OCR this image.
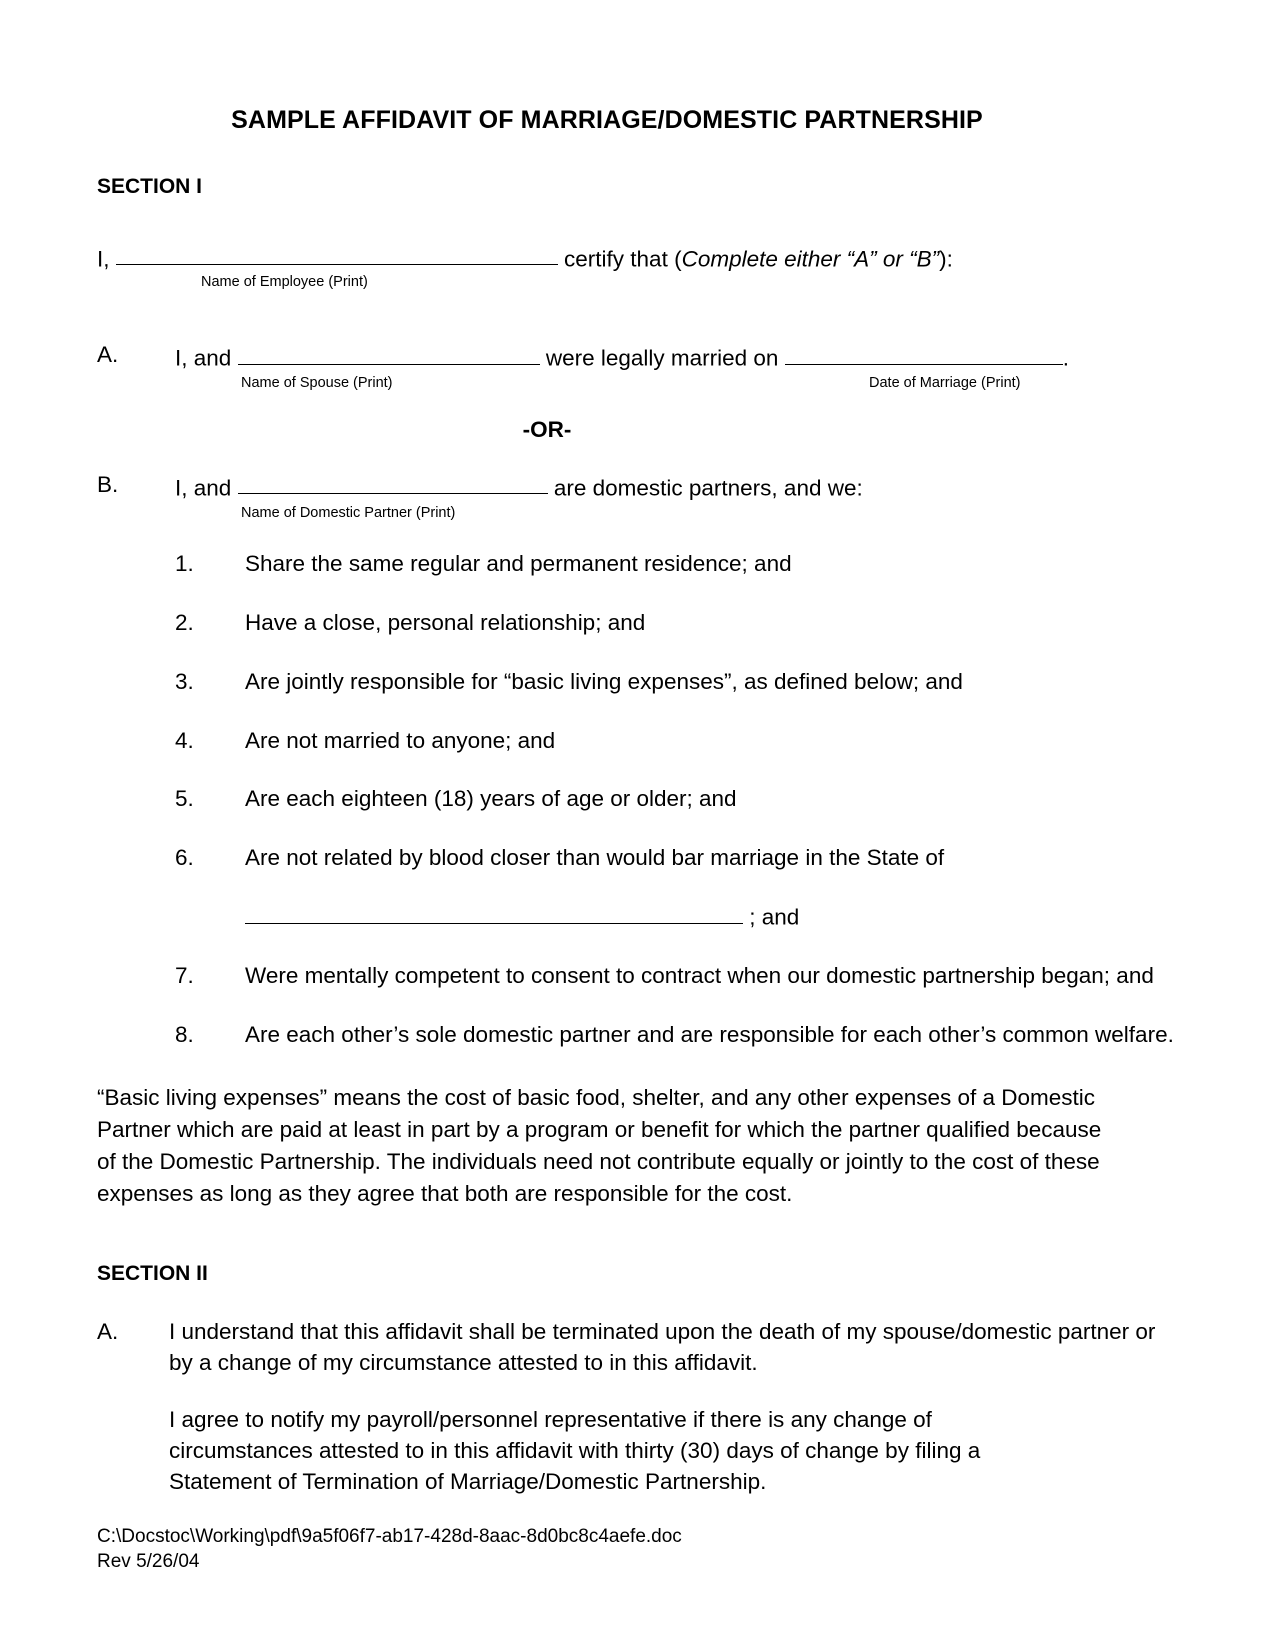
SAMPLE AFFIDAVIT OF MARRIAGE/DOMESTIC PARTNERSHIP
SECTION I
I,	certify that (Complete either “A” or “B”):
Name of Employee (Print)
A.	I, and	were legally married on	.
Name of Spouse (Print)	Date of Marriage (Print)
-OR-
B.	I, and	are domestic partners, and we:
Name of Domestic Partner (Print)
1. Share the same regular and permanent residence; and
2. Have a close, personal relationship; and
3. Are jointly responsible for “basic living expenses”, as defined below; and
4. Are not married to anyone; and
5. Are each eighteen (18) years of age or older; and
6. Are not related by blood closer than would bar marriage in the State of
; and
7. Were mentally competent to consent to contract when our domestic partnership began; and
8. Are each other’s sole domestic partner and are responsible for each other’s common welfare.
“Basic living expenses” means the cost of basic food, shelter, and any other expenses of a Domestic Partner which are paid at least in part by a program or benefit for which the partner qualified because of the Domestic Partnership. The individuals need not contribute equally or jointly to the cost of these expenses as long as they agree that both are responsible for the cost.
SECTION II
A. I understand that this affidavit shall be terminated upon the death of my spouse/domestic partner or by a change of my circumstance attested to in this affidavit.
I agree to notify my payroll/personnel representative if there is any change of circumstances attested to in this affidavit with thirty (30) days of change by filing a Statement of Termination of Marriage/Domestic Partnership.
C:\Docstoc\Working\pdf\9a5f06f7-ab17-428d-8aac-8d0bc8c4aefe.doc
Rev 5/26/04
